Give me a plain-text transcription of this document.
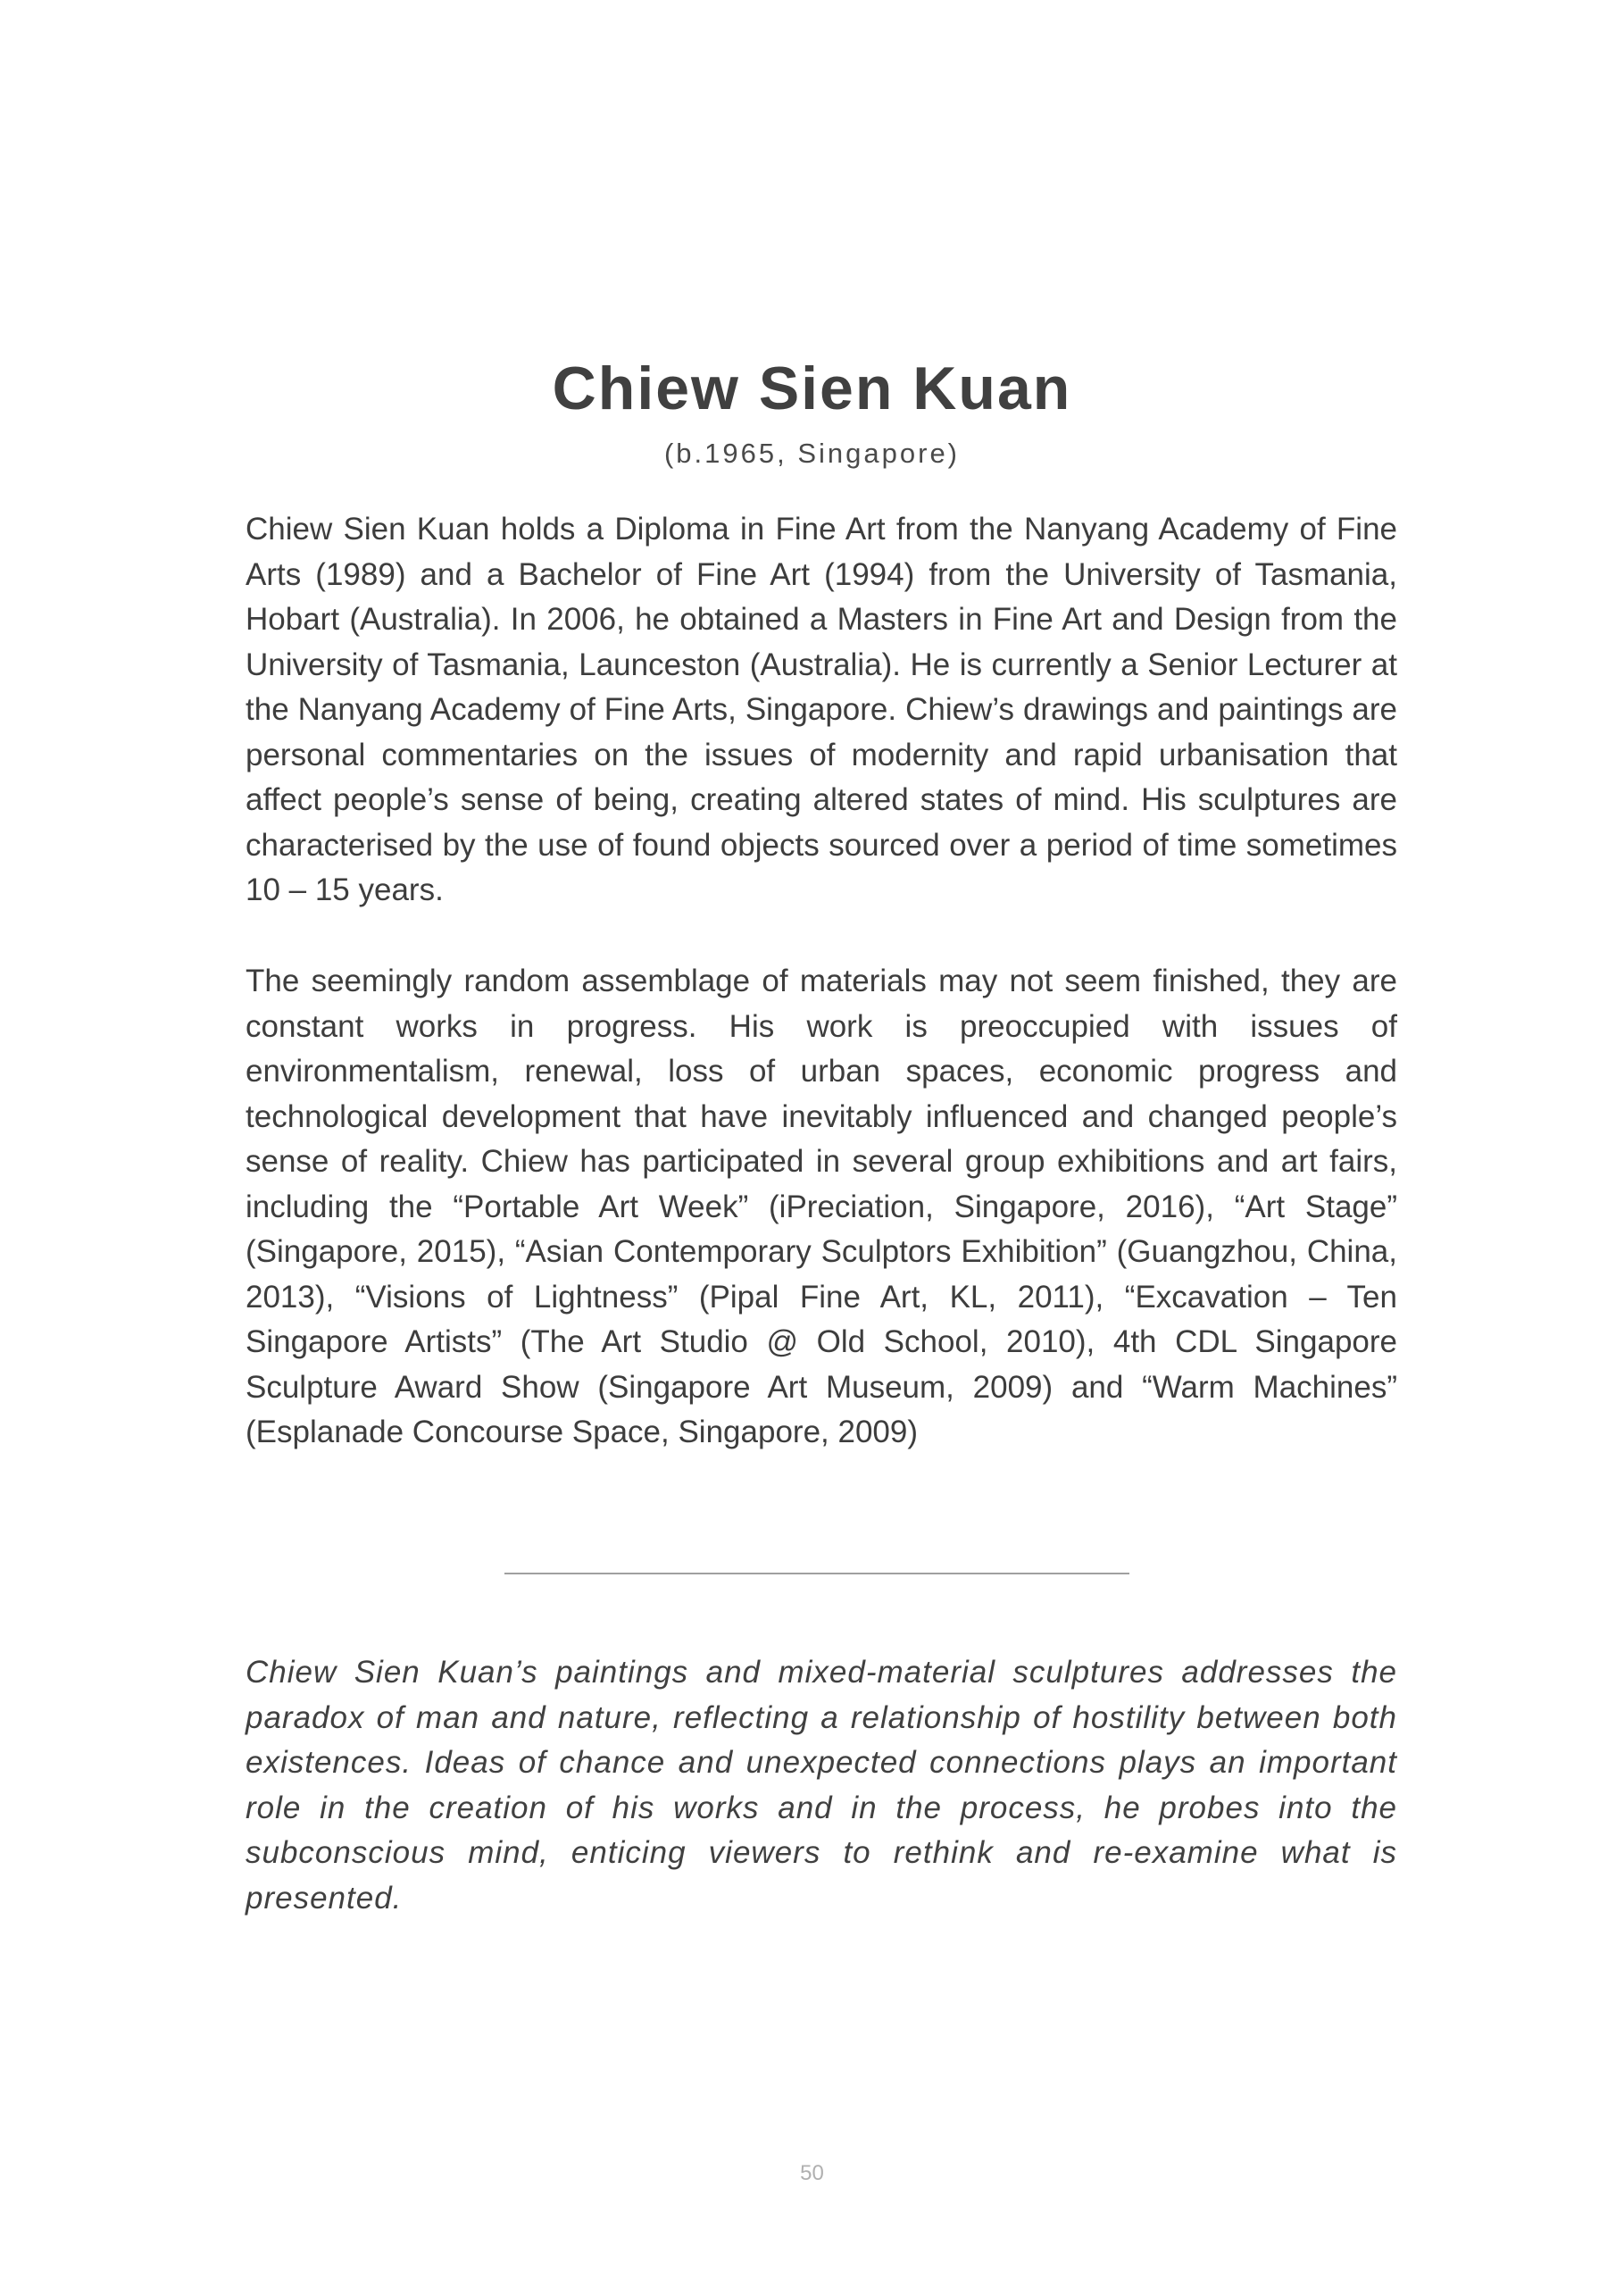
Chiew Sien Kuan
(b.1965, Singapore)

Chiew Sien Kuan holds a Diploma in Fine Art from the Nanyang Academy of Fine Arts (1989) and a Bachelor of Fine Art (1994) from the University of Tasmania, Hobart (Australia). In 2006, he obtained a Masters in Fine Art and Design from the University of Tasmania, Launceston (Australia). He is currently a Senior Lecturer at the Nanyang Academy of Fine Arts, Singapore. Chiew’s drawings and paintings are personal commentaries on the issues of modernity and rapid urbanisation that affect people’s sense of being, creating altered states of mind. His sculptures are characterised by the use of found objects sourced over a period of time sometimes 10 – 15 years.

The seemingly random assemblage of materials may not seem finished, they are constant works in progress. His work is preoccupied with issues of environmentalism, renewal, loss of urban spaces, economic progress and technological development that have inevitably influenced and changed people’s sense of reality. Chiew has participated in several group exhibitions and art fairs, including the “Portable Art Week” (iPreciation, Singapore, 2016), “Art Stage” (Singapore, 2015), “Asian Contemporary Sculptors Exhibition” (Guangzhou, China, 2013), “Visions of Lightness” (Pipal Fine Art, KL, 2011), “Excavation – Ten Singapore Artists” (The Art Studio @ Old School, 2010), 4th CDL Singapore Sculpture Award Show (Singapore Art Museum, 2009) and “Warm Machines” (Esplanade Concourse Space, Singapore, 2009)

Chiew Sien Kuan’s paintings and mixed-material sculptures addresses the paradox of man and nature, reflecting a relationship of hostility between both existences. Ideas of chance and unexpected connections plays an important role in the creation of his works and in the process, he probes into the subconscious mind, enticing viewers to rethink and re-examine what is presented.

50
